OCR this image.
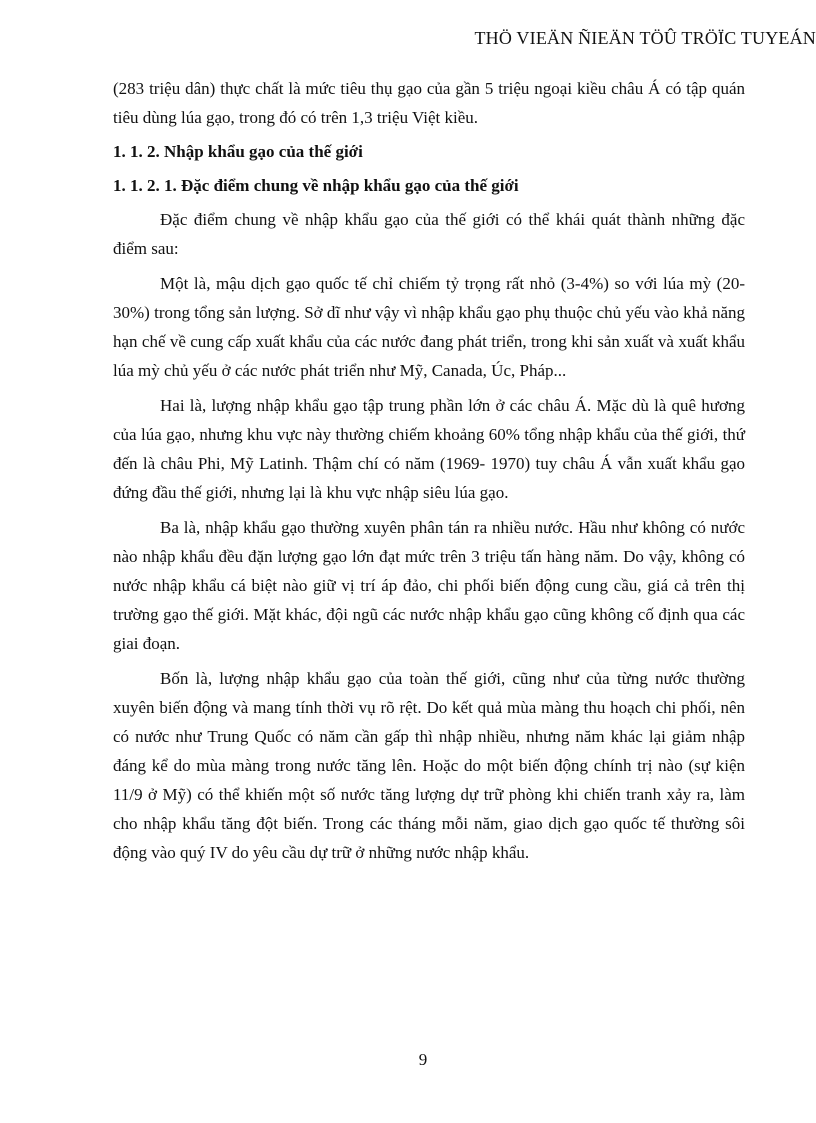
THÖ VIEÄN ÑIEÄN TÖÛ TRÖÏC TUYEÁN

(283 triệu dân) thực chất là mức tiêu thụ gạo của gần 5 triệu ngoại kiều châu Á có tập quán tiêu dùng lúa gạo, trong đó có trên 1,3 triệu Việt kiều.

1. 1. 2. Nhập khẩu gạo của thế giới

1. 1. 2. 1. Đặc điểm chung về nhập khẩu gạo của thế giới

Đặc điểm chung về nhập khẩu gạo của thế giới có thể khái quát thành những đặc điểm sau:

Một là, mậu dịch gạo quốc tế chỉ chiếm tỷ trọng rất nhỏ (3-4%) so với lúa mỳ (20- 30%) trong tổng sản lượng. Sở dĩ như vậy vì nhập khẩu gạo phụ thuộc chủ yếu vào khả năng hạn chế về cung cấp xuất khẩu của các nước đang phát triển, trong khi sản xuất và xuất khẩu lúa mỳ chủ yếu ở các nước phát triển như Mỹ, Canada, Úc, Pháp...

Hai là, lượng nhập khẩu gạo tập trung phần lớn ở các châu Á. Mặc dù là quê hương của lúa gạo, nhưng khu vực này thường chiếm khoảng 60% tổng nhập khẩu của thế giới, thứ đến là châu Phi, Mỹ Latinh. Thậm chí có năm (1969- 1970) tuy châu Á vẫn xuất khẩu gạo đứng đầu thế giới, nhưng lại là khu vực nhập siêu lúa gạo.

Ba là, nhập khẩu gạo thường xuyên phân tán ra nhiều nước. Hầu như không có nước nào nhập khẩu đều đặn lượng gạo lớn đạt mức trên 3 triệu tấn hàng năm. Do vậy, không có nước nhập khẩu cá biệt nào giữ vị trí áp đảo, chi phối biến động cung cầu, giá cả trên thị trường gạo thế giới. Mặt khác, đội ngũ các nước nhập khẩu gạo cũng không cố định qua các giai đoạn.

Bốn là, lượng nhập khẩu gạo của toàn thế giới, cũng như của từng nước thường xuyên biến động và mang tính thời vụ rõ rệt. Do kết quả mùa màng thu hoạch chi phối, nên có nước như Trung Quốc có năm cần gấp thì nhập nhiều, nhưng năm khác lại giảm nhập đáng kể do mùa màng trong nước tăng lên. Hoặc do một biến động chính trị nào (sự kiện 11/9 ở Mỹ) có thể khiến một số nước tăng lượng dự trữ phòng khi chiến tranh xảy ra, làm cho nhập khẩu tăng đột biến. Trong các tháng mỗi năm, giao dịch gạo quốc tế thường sôi động vào quý IV do yêu cầu dự trữ ở những nước nhập khẩu.

9
